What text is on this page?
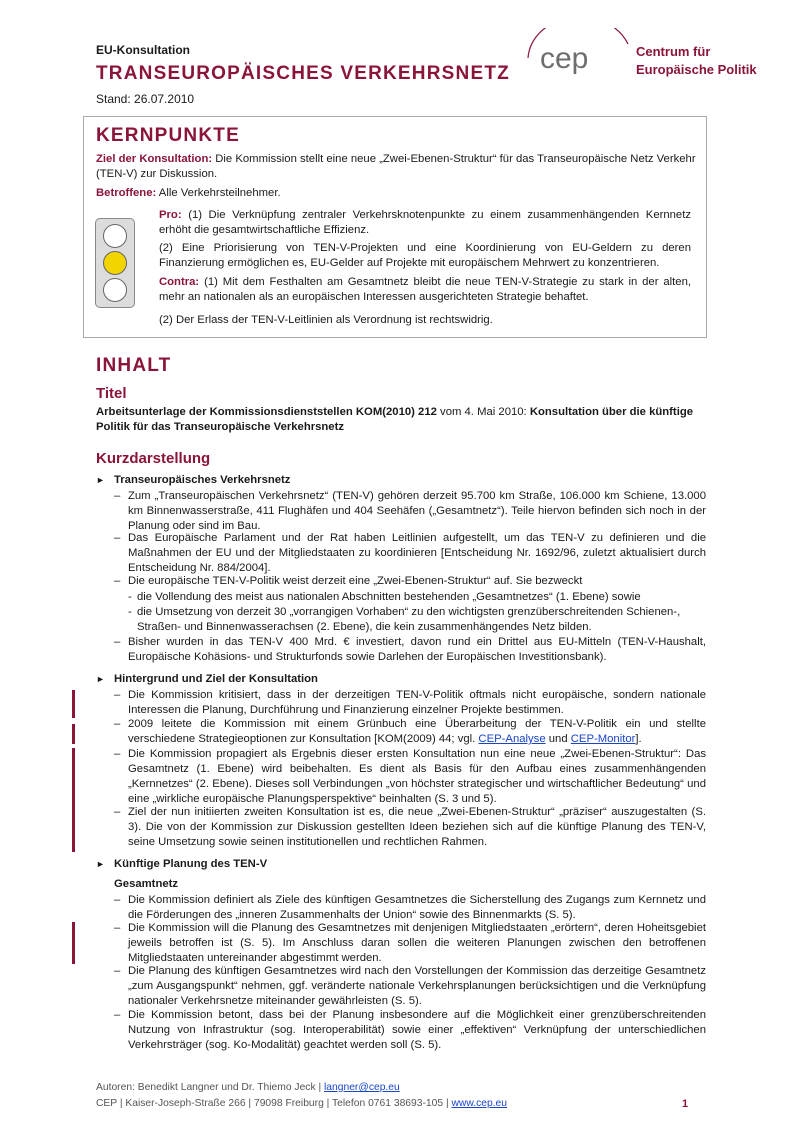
EU-Konsultation
TRANSEUROPÄISCHES VERKEHRSNETZ
Stand: 26.07.2010
cep	Centrum für
Europäische Politik
KERNPUNKTE
Ziel der Konsultation: Die Kommission stellt eine neue „Zwei-Ebenen-Struktur“ für das Transeuropäische Netz Verkehr (TEN-V) zur Diskussion.
Betroffene: Alle Verkehrsteilnehmer.
Pro: (1) Die Verknüpfung zentraler Verkehrsknotenpunkte zu einem zusammenhängenden Kernnetz erhöht die gesamtwirtschaftliche Effizienz.
(2) Eine Priorisierung von TEN-V-Projekten und eine Koordinierung von EU-Geldern zu deren Finanzierung ermöglichen es, EU-Gelder auf Projekte mit europäischem Mehrwert zu konzentrieren.
Contra: (1) Mit dem Festhalten am Gesamtnetz bleibt die neue TEN-V-Strategie zu stark in der alten, mehr an nationalen als an europäischen Interessen ausgerichteten Strategie behaftet.
(2) Der Erlass der TEN-V-Leitlinien als Verordnung ist rechtswidrig.
INHALT
Titel
Arbeitsunterlage der Kommissionsdienststellen KOM(2010) 212 vom 4. Mai 2010: Konsultation über die künftige Politik für das Transeuropäische Verkehrsnetz
Kurzdarstellung
► Transeuropäisches Verkehrsnetz
– Zum „Transeuropäischen Verkehrsnetz“ (TEN-V) gehören derzeit 95.700 km Straße, 106.000 km Schiene, 13.000 km Binnenwasserstraße, 411 Flughäfen und 404 Seehäfen („Gesamtnetz“). Teile hiervon befinden sich noch in der Planung oder sind im Bau.
– Das Europäische Parlament und der Rat haben Leitlinien aufgestellt, um das TEN-V zu definieren und die Maßnahmen der EU und der Mitgliedstaaten zu koordinieren [Entscheidung Nr. 1692/96, zuletzt aktualisiert durch Entscheidung Nr. 884/2004].
– Die europäische TEN-V-Politik weist derzeit eine „Zwei-Ebenen-Struktur“ auf. Sie bezweckt
- die Vollendung des meist aus nationalen Abschnitten bestehenden „Gesamtnetzes“ (1. Ebene) sowie
- die Umsetzung von derzeit 30 „vorrangigen Vorhaben“ zu den wichtigsten grenzüberschreitenden Schienen-, Straßen- und Binnenwasserachsen (2. Ebene), die kein zusammenhängendes Netz bilden.
– Bisher wurden in das TEN-V 400 Mrd. € investiert, davon rund ein Drittel aus EU-Mitteln (TEN-V-Haushalt, Europäische Kohäsions- und Strukturfonds sowie Darlehen der Europäischen Investitionsbank).
► Hintergrund und Ziel der Konsultation
– Die Kommission kritisiert, dass in der derzeitigen TEN-V-Politik oftmals nicht europäische, sondern nationale Interessen die Planung, Durchführung und Finanzierung einzelner Projekte bestimmen.
– 2009 leitete die Kommission mit einem Grünbuch eine Überarbeitung der TEN-V-Politik ein und stellte verschiedene Strategieoptionen zur Konsultation [KOM(2009) 44; vgl. CEP-Analyse und CEP-Monitor].
– Die Kommission propagiert als Ergebnis dieser ersten Konsultation nun eine neue „Zwei-Ebenen-Struktur“: Das Gesamtnetz (1. Ebene) wird beibehalten. Es dient als Basis für den Aufbau eines zusammenhängenden „Kernnetzes“ (2. Ebene). Dieses soll Verbindungen „von höchster strategischer und wirtschaftlicher Bedeutung“ und eine „wirkliche europäische Planungsperspektive“ beinhalten (S. 3 und 5).
– Ziel der nun initiierten zweiten Konsultation ist es, die neue „Zwei-Ebenen-Struktur“ „präziser“ auszugestalten (S. 3). Die von der Kommission zur Diskussion gestellten Ideen beziehen sich auf die künftige Planung des TEN-V, seine Umsetzung sowie seinen institutionellen und rechtlichen Rahmen.
► Künftige Planung des TEN-V
Gesamtnetz
– Die Kommission definiert als Ziele des künftigen Gesamtnetzes die Sicherstellung des Zugangs zum Kernnetz und die Förderungen des „inneren Zusammenhalts der Union“ sowie des Binnenmarkts (S. 5).
– Die Kommission will die Planung des Gesamtnetzes mit denjenigen Mitgliedstaaten „erörtern“, deren Hoheitsgebiet jeweils betroffen ist (S. 5). Im Anschluss daran sollen die weiteren Planungen zwischen den betroffenen Mitgliedstaaten untereinander abgestimmt werden.
– Die Planung des künftigen Gesamtnetzes wird nach den Vorstellungen der Kommission das derzeitige Gesamtnetz „zum Ausgangspunkt“ nehmen, ggf. veränderte nationale Verkehrsplanungen berücksichtigen und die Verknüpfung nationaler Verkehrsnetze miteinander gewährleisten (S. 5).
– Die Kommission betont, dass bei der Planung insbesondere auf die Möglichkeit einer grenzüberschreitenden Nutzung von Infrastruktur (sog. Interoperabilität) sowie einer „effektiven“ Verknüpfung der unterschiedlichen Verkehrsträger (sog. Ko-Modalität) geachtet werden soll (S. 5).
Autoren: Benedikt Langner und Dr. Thiemo Jeck | langner@cep.eu
CEP | Kaiser-Joseph-Straße 266 | 79098 Freiburg | Telefon 0761 38693-105 | www.cep.eu	1
